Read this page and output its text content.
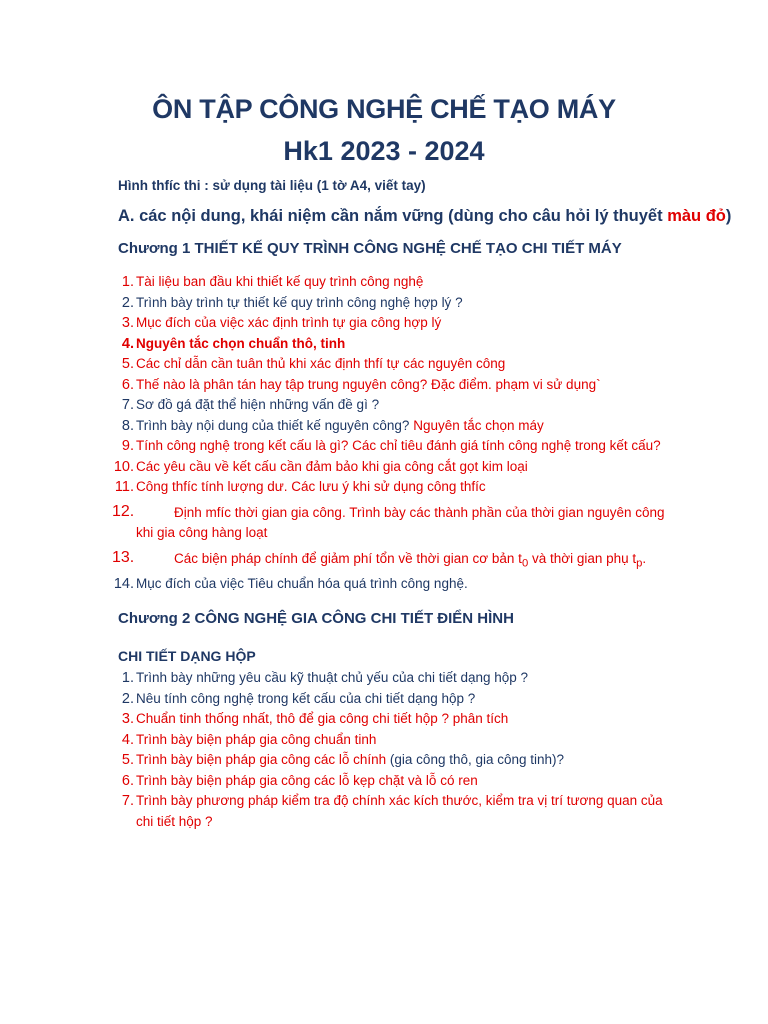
ÔN TẬP CÔNG NGHỆ CHẾ TẠO MÁY
Hk1 2023 - 2024
Hình thfíc thi : sử dụng tài liệu (1 tờ A4, viết tay)
A. các nội dung, khái niệm cần nắm vững (dùng cho câu hỏi lý thuyết màu đỏ)
Chương 1 THIẾT KẾ QUY TRÌNH CÔNG NGHỆ CHẾ TẠO CHI TIẾT MÁY
1. Tài liệu ban đầu khi thiết kế quy trình công nghệ
2. Trình bày trình tự thiết kế quy trình công nghệ hợp lý ?
3. Mục đích của việc xác định trình tự gia công hợp lý
4. Nguyên tắc chọn chuẩn thô, tinh
5. Các chỉ dẫn cần tuân thủ khi xác định thfí tự các nguyên công
6. Thế nào là phân tán hay tập trung nguyên công? Đặc điểm. phạm vi sử dụng`
7. Sơ đồ gá đặt thể hiện những vấn đề gì ?
8. Trình bày nội dung của thiết kế nguyên công? Nguyên tắc chọn máy
9. Tính công nghệ trong kết cấu là gì? Các chỉ tiêu đánh giá tính công nghệ trong kết cấu?
10. Các yêu cầu về kết cấu cần đảm bảo khi gia công cắt gọt kim loại
11. Công thfíc tính lượng dư. Các lưu ý khi sử dụng công thfíc
12.	Định mfíc thời gian gia công. Trình bày các thành phần của thời gian nguyên công khi gia công hàng loạt
13.	Các biện pháp chính để giảm phí tổn về thời gian cơ bản $t_0$ và thời gian phụ $t_p$.
14. Mục đích của việc Tiêu chuẩn hóa quá trình công nghệ.
Chương 2 CÔNG NGHỆ GIA CÔNG CHI TIẾT ĐIỂN HÌNH
CHI TIẾT DẠNG HỘP
1. Trình bày những yêu cầu kỹ thuật chủ yếu của chi tiết dạng hộp ?
2. Nêu tính công nghệ trong kết cấu của chi tiết dạng hộp ?
3. Chuẩn tinh thống nhất, thô để gia công chi tiết hộp ? phân tích
4. Trình bày biện pháp gia công chuẩn tinh
5. Trình bày biện pháp gia công các lỗ chính (gia công thô, gia công tinh)?
6. Trình bày biện pháp gia công các lỗ kẹp chặt và lỗ có ren
7. Trình bày phương pháp kiểm tra độ chính xác kích thước, kiểm tra vị trí tương quan của chi tiết hộp ?
